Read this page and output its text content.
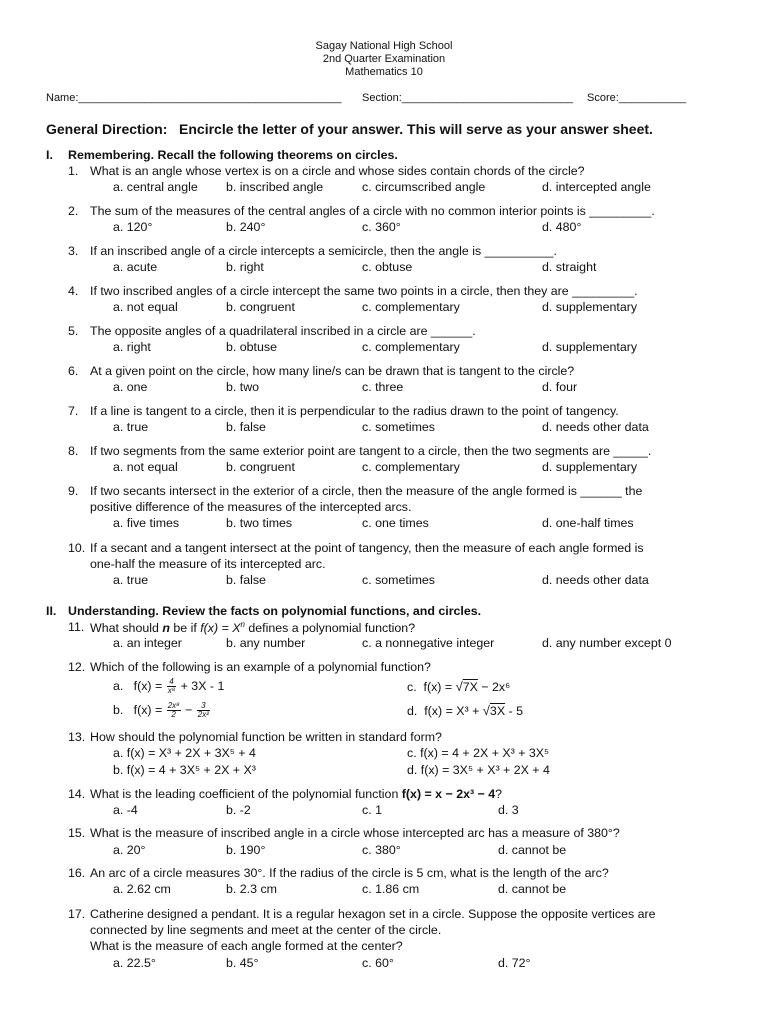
Sagay National High School
2nd Quarter Examination
Mathematics 10
Name:___________________________________________ Section:____________________________ Score:___________
General Direction: Encircle the letter of your answer. This will serve as your answer sheet.
I. Remembering. Recall the following theorems on circles.
1. What is an angle whose vertex is on a circle and whose sides contain chords of the circle?
a. central angle b. inscribed angle	c. circumscribed angle	d. intercepted angle
2. The sum of the measures of the central angles of a circle with no common interior points is _________.
a. 120°	b. 240°	c. 360°	d. 480°
3. If an inscribed angle of a circle intercepts a semicircle, then the angle is __________.
a. acute	b. right	c. obtuse	d. straight
4. If two inscribed angles of a circle intercept the same two points in a circle, then they are _________.
a. not equal	b. congruent	c. complementary	d. supplementary
5. The opposite angles of a quadrilateral inscribed in a circle are ______.
a. right	b. obtuse	c. complementary	d. supplementary
6. At a given point on the circle, how many line/s can be drawn that is tangent to the circle?
a. one	b. two	c. three	d. four
7. If a line is tangent to a circle, then it is perpendicular to the radius drawn to the point of tangency.
a. true	b. false	c. sometimes	d. needs other data
8. If two segments from the same exterior point are tangent to a circle, then the two segments are _____.
a. not equal	b. congruent	c. complementary	d. supplementary
9. If two secants intersect in the exterior of a circle, then the measure of the angle formed is ______ the
positive difference of the measures of the intercepted arcs.
a. five times	b. two times	c. one times	d. one-half times
10. If a secant and a tangent intersect at the point of tangency, then the measure of each angle formed is
one-half the measure of its intercepted arc.
a. true	b. false	c. sometimes	d. needs other data
II. Understanding. Review the facts on polynomial functions, and circles.
11. What should n be if $f(x) = X^n$ defines a polynomial function?
a. an integer	b. any number	c. a nonnegative integer	d. any number except 0
12. Which of the following is an example of a polynomial function?
a. $f(x) = \frac{4}{\text{x⁸}} + 3X - 1$	c. f(x) = √7X − 2x⁶
b. $f(x) = \frac{\text{2x⁸}}{2} - \frac{3}{\text{2x²}}$	d. f(x) = X³ + √3X - 5
13. How should the polynomial function be written in standard form?
a. f(x) = X³ + 2X + 3X⁵ + 4	c. f(x) = 4 + 2X + X³ + 3X⁵
b. f(x) = 4 + 3X⁵ + 2X + X³	d. f(x) = 3X⁵ + X³ + 2X + 4
14. What is the leading coefficient of the polynomial function f(x) = x − 2x³ − 4?
a. -4	b. -2	c. 1	d. 3
15. What is the measure of inscribed angle in a circle whose intercepted arc has a measure of 380°?
a. 20°	b. 190°	c. 380°	d. cannot be
16. An arc of a circle measures 30°. If the radius of the circle is 5 cm, what is the length of the arc?
a. 2.62 cm	b. 2.3 cm	c. 1.86 cm	d. cannot be
17. Catherine designed a pendant. It is a regular hexagon set in a circle. Suppose the opposite vertices are
connected by line segments and meet at the center of the circle.
What is the measure of each angle formed at the center?
a. 22.5°	b. 45°	c. 60°	d. 72°
